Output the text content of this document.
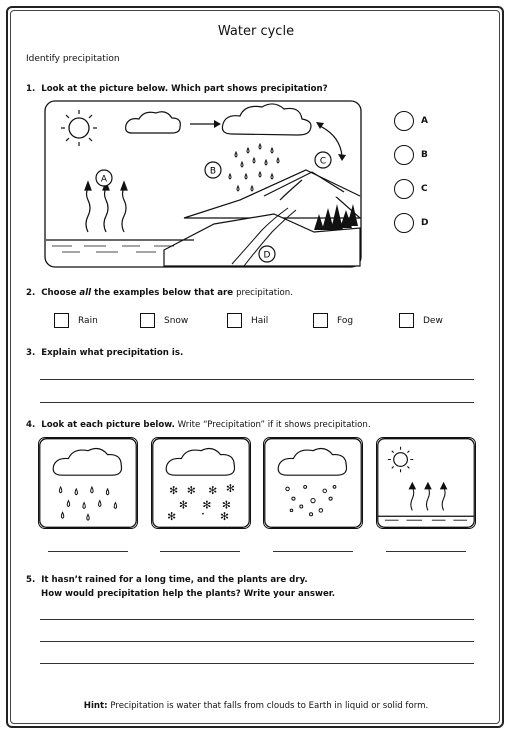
Water cycle
Identify precipitation
1. Look at the picture below. Which part shows precipitation?
A
B
C
D
A
B
C
D
2. Choose all the examples below that are precipitation.
Rain	Snow	Hail	Fog	Dew
3. Explain what precipitation is.
4. Look at each picture below. Write “Precipitation” if it shows precipitation.
✻ ✻ ✻ ✻
✻ ✻ ✻
✻	• ✻
5. It hasn’t rained for a long time, and the plants are dry.
How would precipitation help the plants? Write your answer.
Hint: Precipitation is water that falls from clouds to Earth in liquid or solid form.
